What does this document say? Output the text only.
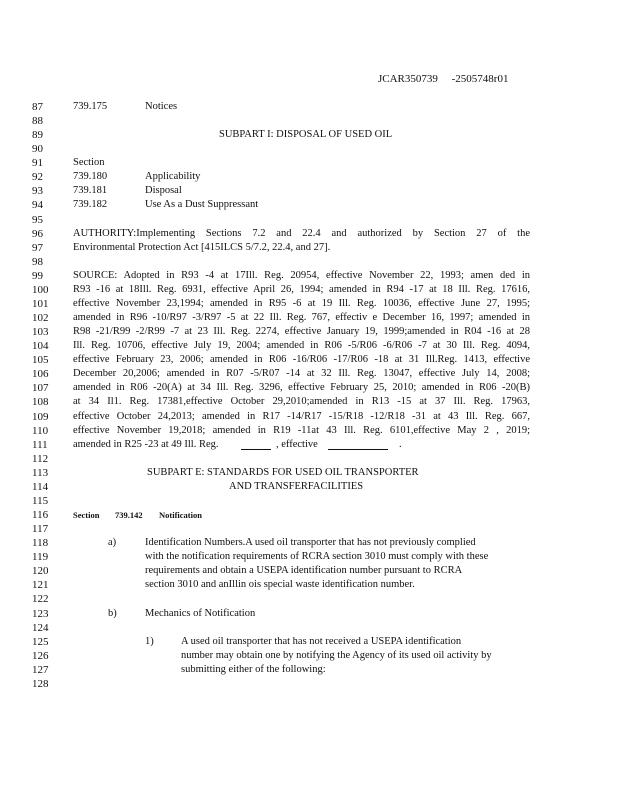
JCAR350739     -2505748r01
87	739.175	Notices
88
89	SUBPART I: DISPOSAL OF USED OIL
90
91	Section
92	739.180	Applicability
93	739.181	Disposal
94	739.182	Use As a Dust Suppressant
95
96	AUTHORITY:Implementing Sections 7.2 and 22.4 and authorized by Section 27 of the
97	Environmental Protection Act [415ILCS 5/7.2, 22.4, and 27].
98
99	SOURCE: Adopted in R93 -4 at 17Ill. Reg. 20954, effective November 22, 1993; amen ded in
100	R93 -16 at 18Ill. Reg. 6931, effective April 26, 1994; amended in R94 -17 at 18 Ill. Reg. 17616,
101	effective November 23,1994; amended in R95 -6 at 19 Ill. Reg. 10036, effective June 27, 1995;
102	amended in R96 -10/R97 -3/R97 -5 at 22 Ill. Reg. 767, effectiv e December 16, 1997; amended in
103	R98 -21/R99 -2/R99 -7 at 23 Ill. Reg. 2274, effective January 19, 1999;amended in R04 -16 at 28
104	Ill. Reg. 10706, effective July 19, 2004; amended in R06 -5/R06 -6/R06 -7 at 30 Ill. Reg. 4094,
105	effective February 23, 2006; amended in R06 -16/R06 -17/R06 -18 at 31 Ill.Reg. 1413, effective
106	December 20,2006; amended in R07 -5/R07 -14 at 32 Ill. Reg. 13047, effective July 14, 2008;
107	amended in R06 -20(A) at 34 Ill. Reg. 3296, effective February 25, 2010; amended in R06 -20(B)
108	at 34 Il1. Reg. 17381,effective October 29,2010;amended in R13 -15 at 37 Ill. Reg. 17963,
109	effective October 24,2013; amended in R17 -14/R17 -15/R18 -12/R18 -31 at 43 Ill. Reg. 667,
110	effective November 19,2018; amended in R19 -11at 43 Ill. Reg. 6101,effective May 2 , 2019;
111	amended in R25 -23 at 49 Ill. Reg.	, effective	.
112
113	SUBPART E: STANDARDS FOR USED OIL TRANSPORTER
114	AND TRANSFERFACILITIES
115
116	Section 739.142 Notification
117
118	a)	Identification Numbers.A used oil transporter that has not previously complied
119	with the notification requirements of RCRA section 3010 must comply with these
120	requirements and obtain a USEPA identification number pursuant to RCRA
121	section 3010 and anIllin ois special waste identification number.
122
123	b)	Mechanics of Notification
124
125	1)	A used oil transporter that has not received a USEPA identification
126	number may obtain one by notifying the Agency of its used oil activity by
127	submitting either of the following:
128
